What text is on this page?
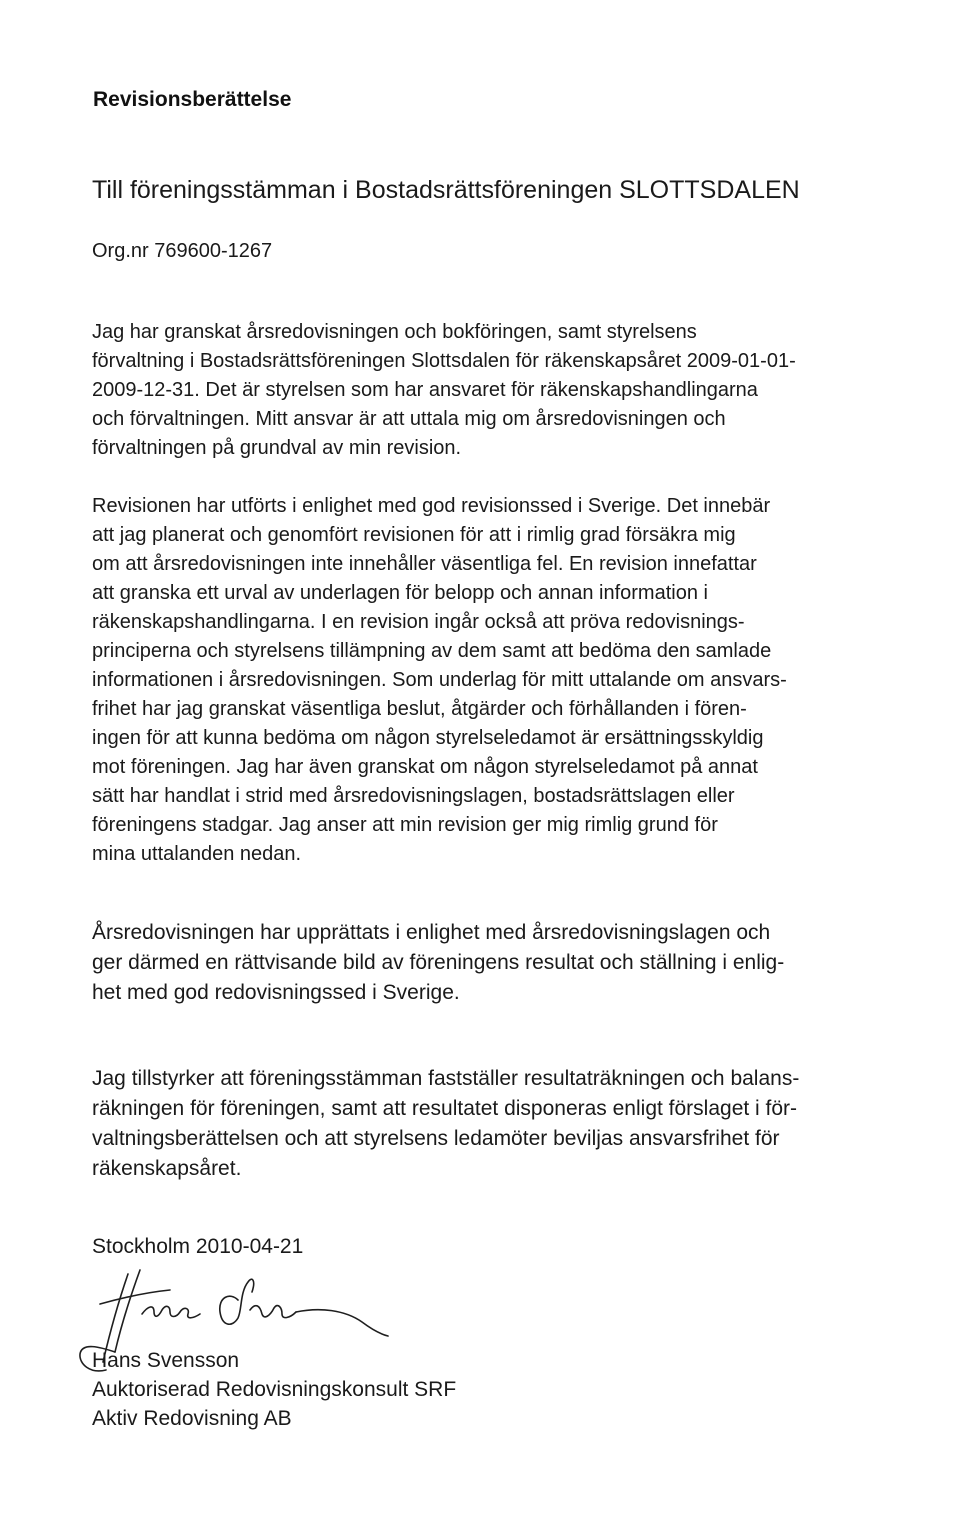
Revisionsberättelse

Till föreningsstämman i Bostadsrättsföreningen SLOTTSDALEN

Org.nr 769600-1267

Jag har granskat årsredovisningen och bokföringen, samt styrelsens
förvaltning i Bostadsrättsföreningen Slottsdalen för räkenskapsåret 2009-01-01-
2009-12-31. Det är styrelsen som har ansvaret för räkenskapshandlingarna
och förvaltningen. Mitt ansvar är att uttala mig om årsredovisningen och
förvaltningen på grundval av min revision.

Revisionen har utförts i enlighet med god revisionssed i Sverige. Det innebär
att jag planerat och genomfört revisionen för att i rimlig grad försäkra mig
om att årsredovisningen inte innehåller väsentliga fel. En revision innefattar
att granska ett urval av underlagen för belopp och annan information i
räkenskapshandlingarna. I en revision ingår också att pröva redovisnings-
principerna och styrelsens tillämpning av dem samt att bedöma den samlade
informationen i årsredovisningen. Som underlag för mitt uttalande om ansvars-
frihet har jag granskat väsentliga beslut, åtgärder och förhållanden i fören-
ingen för att kunna bedöma om någon styrelseledamot är ersättningsskyldig
mot föreningen. Jag har även granskat om någon styrelseledamot på annat
sätt har handlat i strid med årsredovisningslagen, bostadsrättslagen eller
föreningens stadgar. Jag anser att min revision ger mig rimlig grund för
mina uttalanden nedan.

Årsredovisningen har upprättats i enlighet med årsredovisningslagen och
ger därmed en rättvisande bild av föreningens resultat och ställning i enlig-
het med god redovisningssed i Sverige.

Jag tillstyrker att föreningsstämman fastställer resultaträkningen och balans-
räkningen för föreningen, samt att resultatet disponeras enligt förslaget i för-
valtningsberättelsen och att styrelsens ledamöter beviljas ansvarsfrihet för
räkenskapsåret.

Stockholm 2010-04-21

Hans Svensson
Auktoriserad Redovisningskonsult SRF
Aktiv Redovisning AB
